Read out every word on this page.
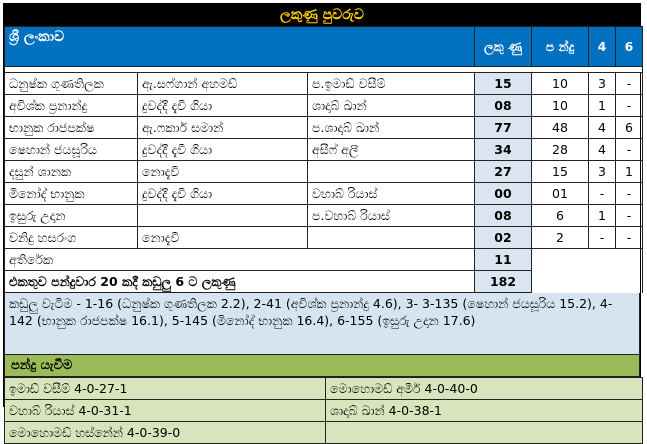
ලකුණු පුවරුව
ශ්‍රී ලංකාව			ලකු ණු	ප න්දු	4	6

ධනුෂ්ක ගුණතිලක	ඇ.සෆ්ගාන් අහමඩ්	ප.ඉමාඩ් වසීම්	15	10	3	-
අවිශ්ක ප්‍රනාන්දු	දුවද්දී දැවී ගියා	ශාදාබ් ඛාන්	08	10	1	-
භානුක රාජපක්ෂ	ඇ.ෆකාර් සමාන්	ප.ශාදාබ් ඛාන්	77	48	4	6
ෂෙහාන් ජයසූරිය	දුවද්දී දැවී ගියා	අසීෆ් අලී	34	28	4	-
දසුන් ශානක	නොදැවී		27	15	3	1
මිනෝද් භානුක	දුවද්දී දැවී ගියා	වහාබ් රියාස්	00	01	-	-
ඉසුරු උදාන		ප.වහාබ් රියාස්	08	6	1	-
වනිදු හසරංග	නොදැවී		02	2	-	-
අතිරේක			11			
එකතුව පන්දුවාර 20 කදී කඩුලු 6 ට ලකුණු			182			
කඩුලු වැටීම - 1-16 (ධනුෂ්ක ගුණතිලක 2.2), 2-41 (අවිශ්ක ප්‍රනාන්දු 4.6), 3- 3-135 (ෂෙහාන් ජයසූරිය 15.2), 4-142 (භානුක රාජපක්ෂ 16.1), 5-145 (මිනෝද් භානුක 16.4), 6-155 (ඉසුරු උදාන 17.6)
පන්දු යැවීම
ඉමාඩ් වසීම් 4-0-27-1	මොහොමඩ් අමීර් 4-0-40-0
වහාබ් රියාස් 4-0-31-1	ශාදාබ් ඛාන් 4-0-38-1
මොහොමඩ් හස්නේන් 4-0-39-0	
